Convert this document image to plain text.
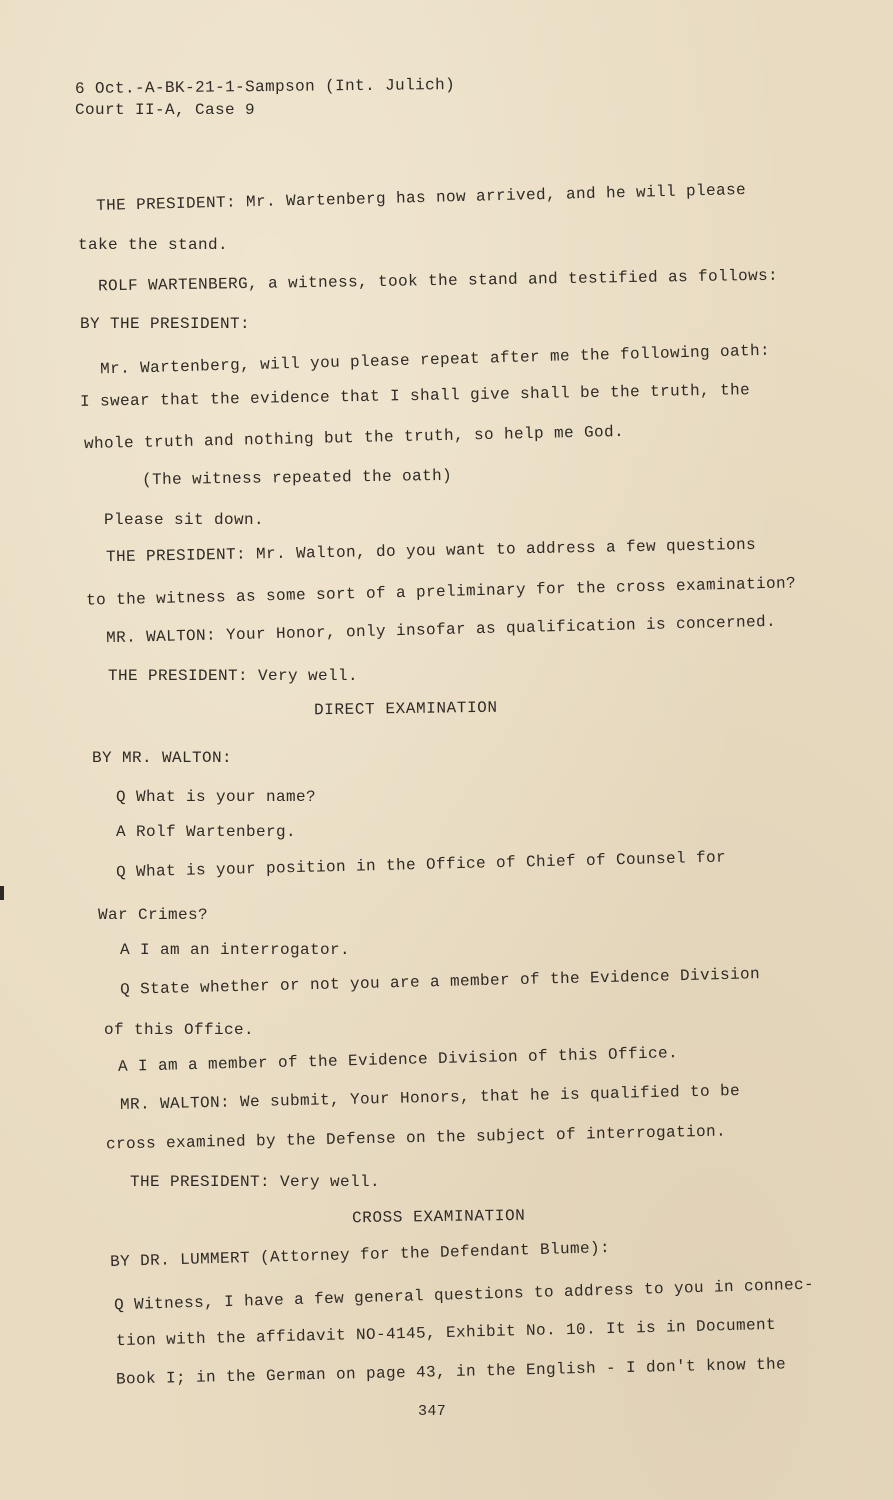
6 Oct.-A-BK-21-1-Sampson (Int. Julich)
Court II-A, Case 9
THE PRESIDENT: Mr. Wartenberg has now arrived, and he will please
take the stand.
ROLF WARTENBERG, a witness, took the stand and testified as follows:
BY THE PRESIDENT:
Mr. Wartenberg, will you please repeat after me the following oath:
I swear that the evidence that I shall give shall be the truth, the
whole truth and nothing but the truth, so help me God.
(The witness repeated the oath)
Please sit down.
THE PRESIDENT: Mr. Walton, do you want to address a few questions
to the witness as some sort of a preliminary for the cross examination?
MR. WALTON: Your Honor, only insofar as qualification is concerned.
THE PRESIDENT: Very well.
DIRECT EXAMINATION
BY MR. WALTON:
Q What is your name?
A Rolf Wartenberg.
Q What is your position in the Office of Chief of Counsel for
War Crimes?
A I am an interrogator.
Q State whether or not you are a member of the Evidence Division
of this Office.
A I am a member of the Evidence Division of this Office.
MR. WALTON: We submit, Your Honors, that he is qualified to be
cross examined by the Defense on the subject of interrogation.
THE PRESIDENT: Very well.
CROSS EXAMINATION
BY DR. LUMMERT (Attorney for the Defendant Blume):
Q Witness, I have a few general questions to address to you in connec-
tion with the affidavit NO-4145, Exhibit No. 10. It is in Document
Book I; in the German on page 43, in the English - I don't know the
347
